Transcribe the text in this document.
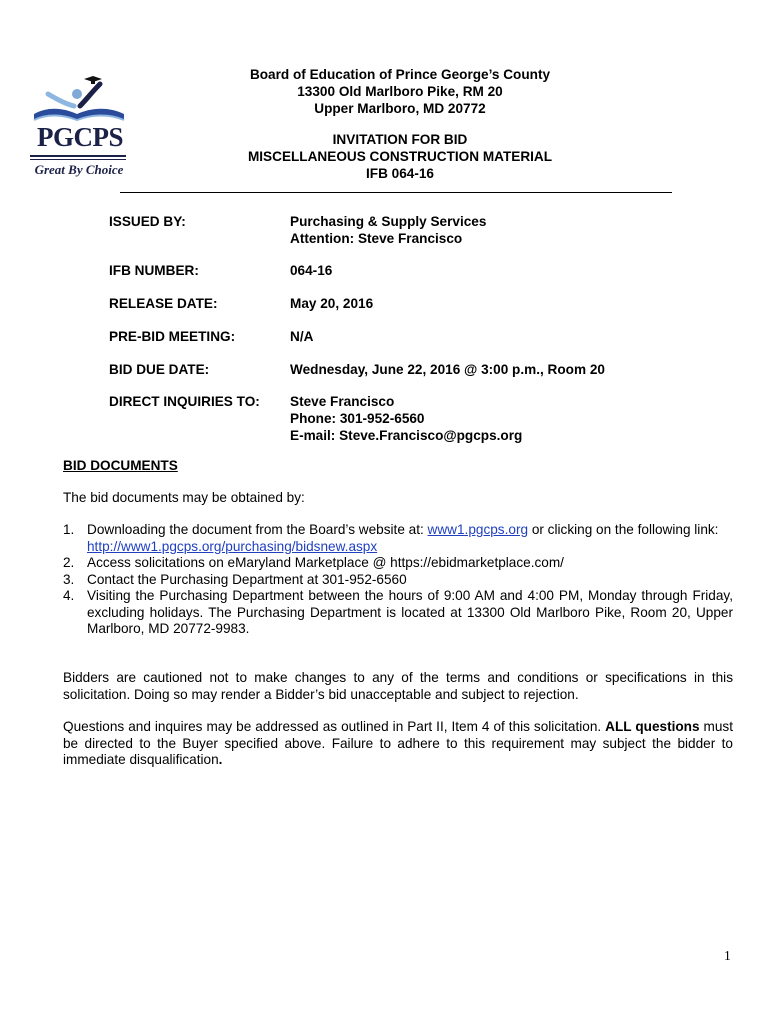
PGCPS
Great By Choice
Board of Education of Prince George’s County
13300 Old Marlboro Pike, RM 20
Upper Marlboro, MD 20772
INVITATION FOR BID
MISCELLANEOUS CONSTRUCTION MATERIAL
IFB 064-16
ISSUED BY:	Purchasing & Supply Services
Attention: Steve Francisco
IFB NUMBER:	064-16
RELEASE DATE:	May 20, 2016
PRE-BID MEETING:	N/A
BID DUE DATE:	Wednesday, June 22, 2016 @ 3:00 p.m., Room 20
DIRECT INQUIRIES TO: Steve Francisco
Phone: 301-952-6560
E-mail: Steve.Francisco@pgcps.org
BID DOCUMENTS
The bid documents may be obtained by:
1. Downloading the document from the Board’s website at: www1.pgcps.org or clicking on the following link:
http://www1.pgcps.org/purchasing/bidsnew.aspx
2. Access solicitations on eMaryland Marketplace @ https://ebidmarketplace.com/
3. Contact the Purchasing Department at 301-952-6560
4. Visiting the Purchasing Department between the hours of 9:00 AM and 4:00 PM, Monday through Friday, excluding holidays. The Purchasing Department is located at 13300 Old Marlboro Pike, Room 20, Upper Marlboro, MD 20772-9983.
Bidders are cautioned not to make changes to any of the terms and conditions or specifications in this solicitation. Doing so may render a Bidder’s bid unacceptable and subject to rejection.
Questions and inquires may be addressed as outlined in Part II, Item 4 of this solicitation. ALL questions must be directed to the Buyer specified above. Failure to adhere to this requirement may subject the bidder to immediate disqualification.
1
